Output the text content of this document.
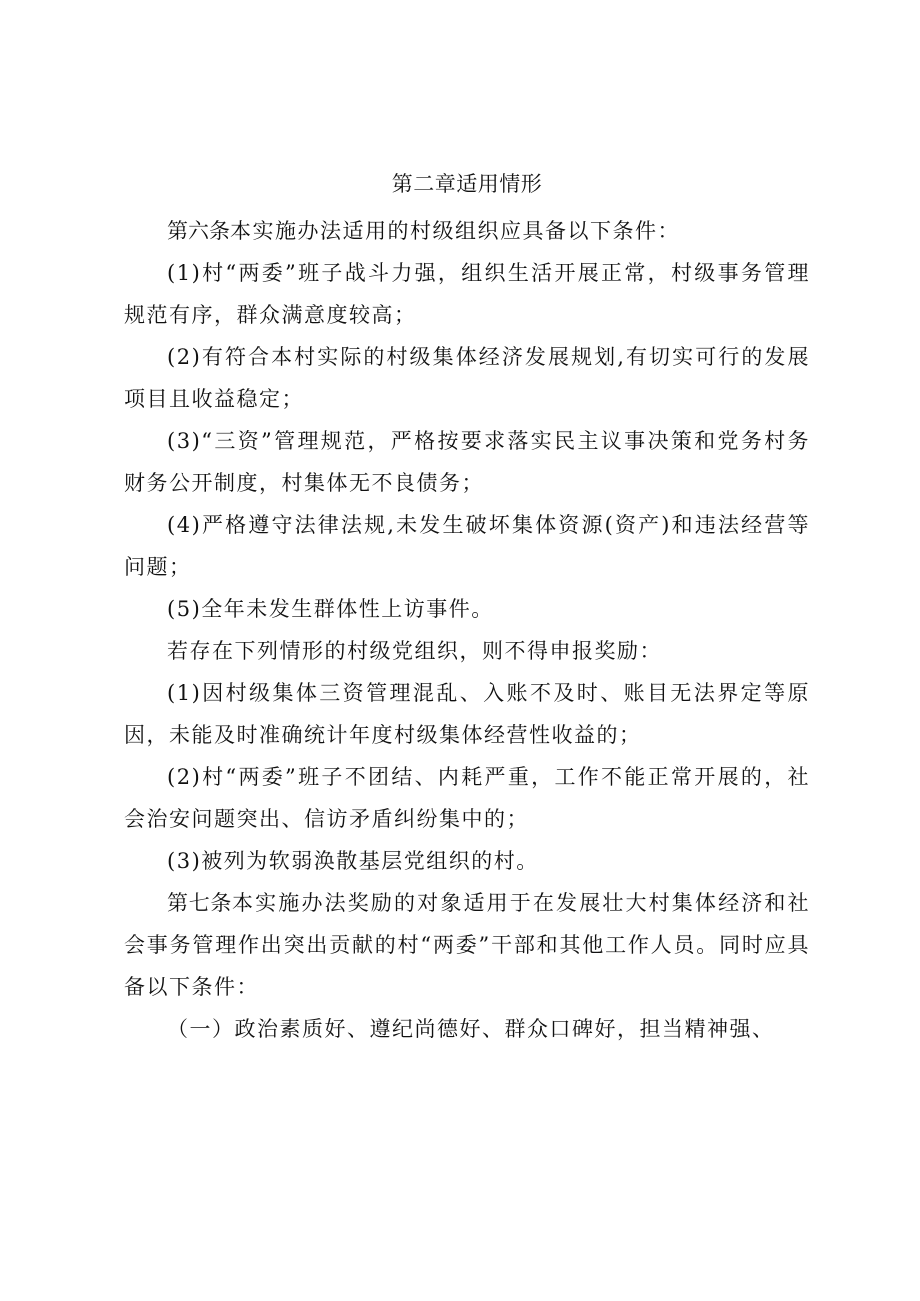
第二章适用情形

第六条本实施办法适用的村级组织应具备以下条件：

(1)村“两委”班子战斗力强，组织生活开展正常，村级事务管理规范有序，群众满意度较高；

(2)有符合本村实际的村级集体经济发展规划,有切实可行的发展项目且收益稳定；

(3)“三资”管理规范，严格按要求落实民主议事决策和党务村务财务公开制度，村集体无不良债务；

(4)严格遵守法律法规,未发生破坏集体资源(资产)和违法经营等问题；

(5)全年未发生群体性上访事件。

若存在下列情形的村级党组织，则不得申报奖励：

(1)因村级集体三资管理混乱、入账不及时、账目无法界定等原因，未能及时准确统计年度村级集体经营性收益的；

(2)村“两委”班子不团结、内耗严重，工作不能正常开展的，社会治安问题突出、信访矛盾纠纷集中的；

(3)被列为软弱涣散基层党组织的村。

第七条本实施办法奖励的对象适用于在发展壮大村集体经济和社会事务管理作出突出贡献的村“两委”干部和其他工作人员。同时应具备以下条件：

（一）政治素质好、遵纪尚德好、群众口碑好，担当精神强、
